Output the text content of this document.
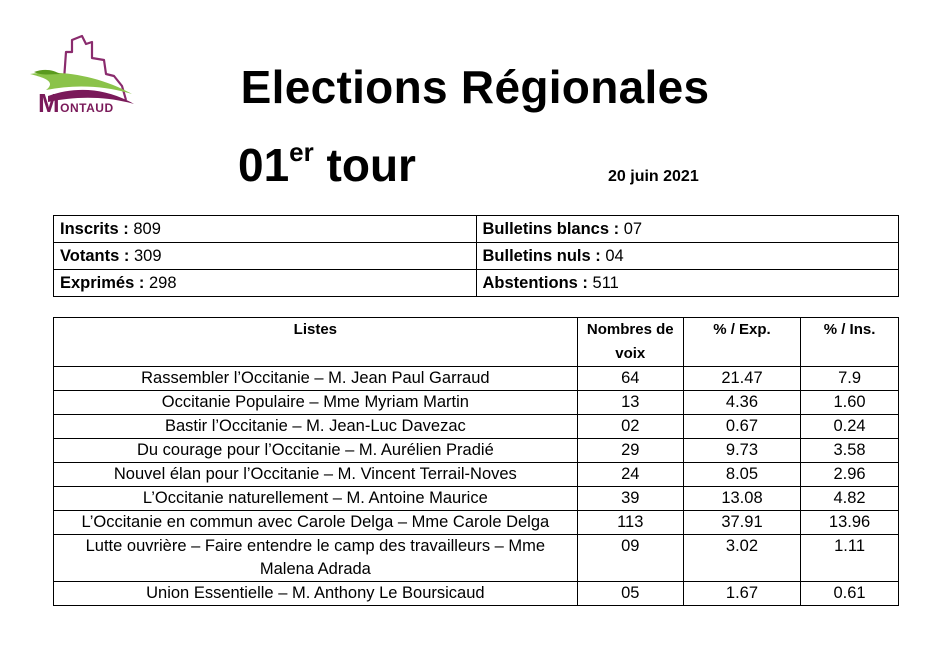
MONTAUD	Elections Régionales
01er tour	20 juin 2021
Inscrits : 809	Bulletins blancs : 07
Votants : 309	Bulletins nuls : 04
Exprimés : 298	Abstentions : 511
Listes	Nombres de voix	% / Exp.	% / Ins.
Rassembler l’Occitanie – M. Jean Paul Garraud	64	21.47	7.9
Occitanie Populaire – Mme Myriam Martin	13	4.36	1.60
Bastir l’Occitanie – M. Jean-Luc Davezac	02	0.67	0.24
Du courage pour l’Occitanie – M. Aurélien Pradié	29	9.73	3.58
Nouvel élan pour l’Occitanie – M. Vincent Terrail-Noves	24	8.05	2.96
L’Occitanie naturellement – M. Antoine Maurice	39	13.08	4.82
L’Occitanie en commun avec Carole Delga – Mme Carole Delga	113	37.91	13.96
Lutte ouvrière – Faire entendre le camp des travailleurs – Mme Malena Adrada	09	3.02	1.11
Union Essentielle – M. Anthony Le Boursicaud	05	1.67	0.61
